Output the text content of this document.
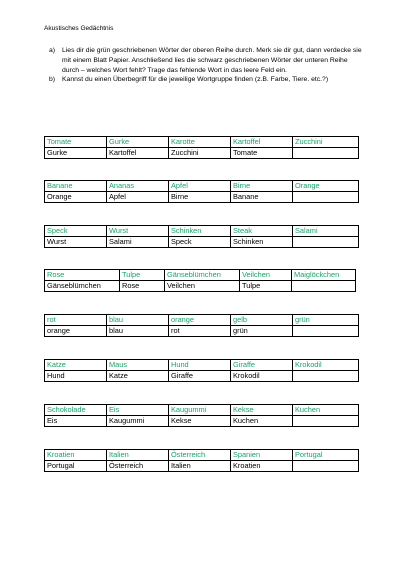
Akustisches Gedächtnis
a) Lies dir die grün geschriebenen Wörter der oberen Reihe durch. Merk sie dir gut, dann verdecke sie mit einem Blatt Papier. Anschließend lies die schwarz geschriebenen Wörter der unteren Reihe durch – welches Wort fehlt? Trage das fehlende Wort in das leere Feld ein.
b) Kannst du einen Überbegriff für die jeweilige Wortgruppe finden (z.B. Farbe, Tiere. etc.?)
Tomate	Gurke	Karotte	Kartoffel	Zucchini
Gurke	Kartoffel	Zucchini	Tomate	
Banane	Ananas	Apfel	Birne	Orange
Orange	Apfel	Birne	Banane	
Speck	Wurst	Schinken	Steak	Salami
Wurst	Salami	Speck	Schinken	
Rose	Tulpe	Gänseblümchen	Veilchen	Maiglöckchen
Gänseblümchen	Rose	Veilchen	Tulpe	
rot	blau	orange	gelb	grün
orange	blau	rot	grün	
Katze	Maus	Hund	Giraffe	Krokodil
Hund	Katze	Giraffe	Krokodil	
Schokolade	Eis	Kaugummi	Kekse	Kuchen
Eis	Kaugummi	Kekse	Kuchen	
Kroatien	Italien	Österreich	Spanien	Portugal
Portugal	Österreich	Italien	Kroatien	
